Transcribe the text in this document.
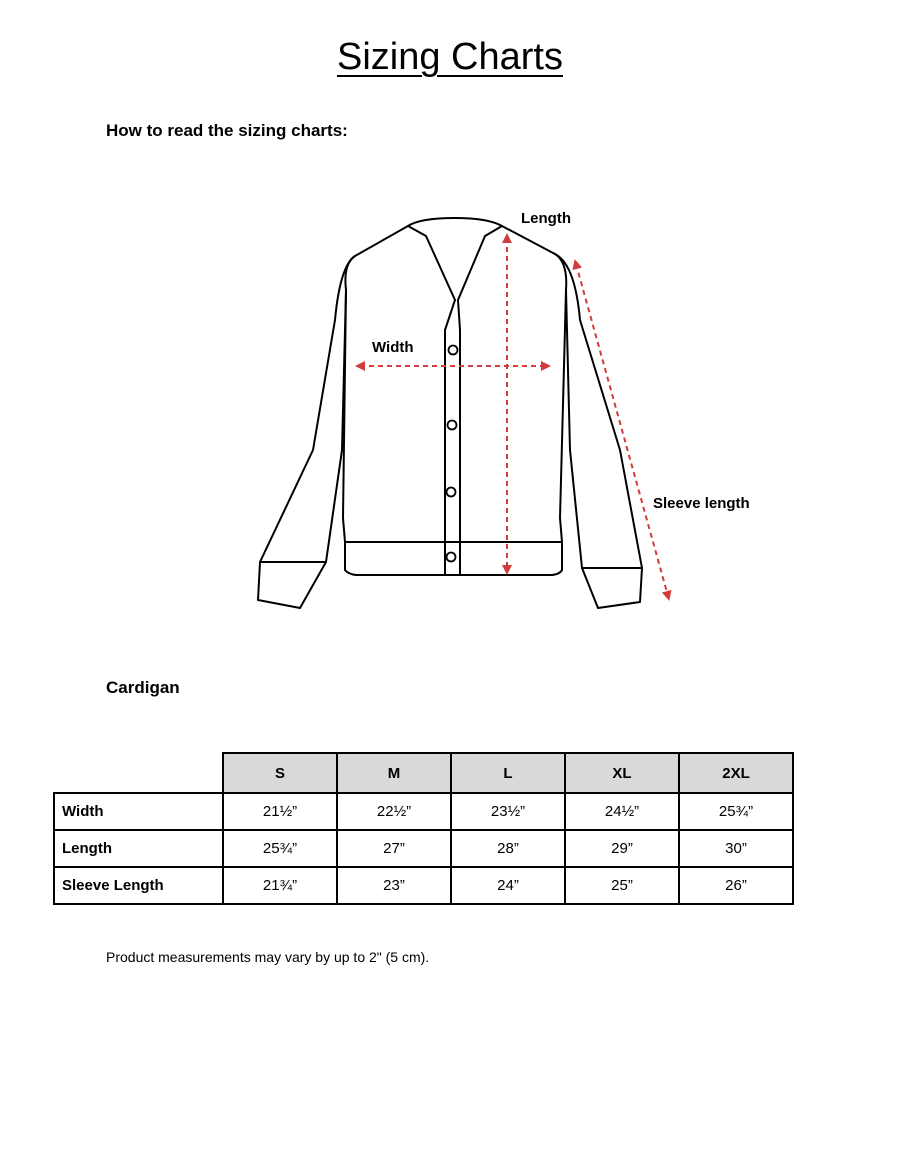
Sizing Charts
How to read the sizing charts:
Length
Width
Sleeve length
Cardigan
	S	M	L	XL	2XL
Width	21½”	22½”	23½”	24½”	25¾”
Length	25¾”	27”	28”	29”	30”
Sleeve Length	21¾”	23”	24”	25”	26”
Product measurements may vary by up to 2" (5 cm).
